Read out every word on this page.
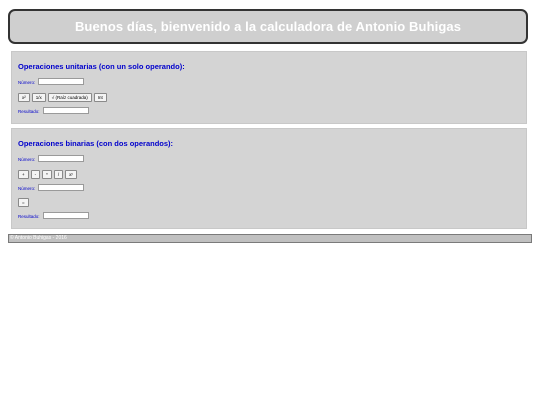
Buenos días, bienvenido a la calculadora de Antonio Buhigas
Operaciones unitarias (con un solo operando):
Número:
x²	1/x	√ (Raíz cuadrada)	Int
Resultado:
Operaciones binarias (con dos operandos):
Número:
+	-	*	/	xʸ
Número:
=
Resultado:
© Antonio Buhigas - 2016
